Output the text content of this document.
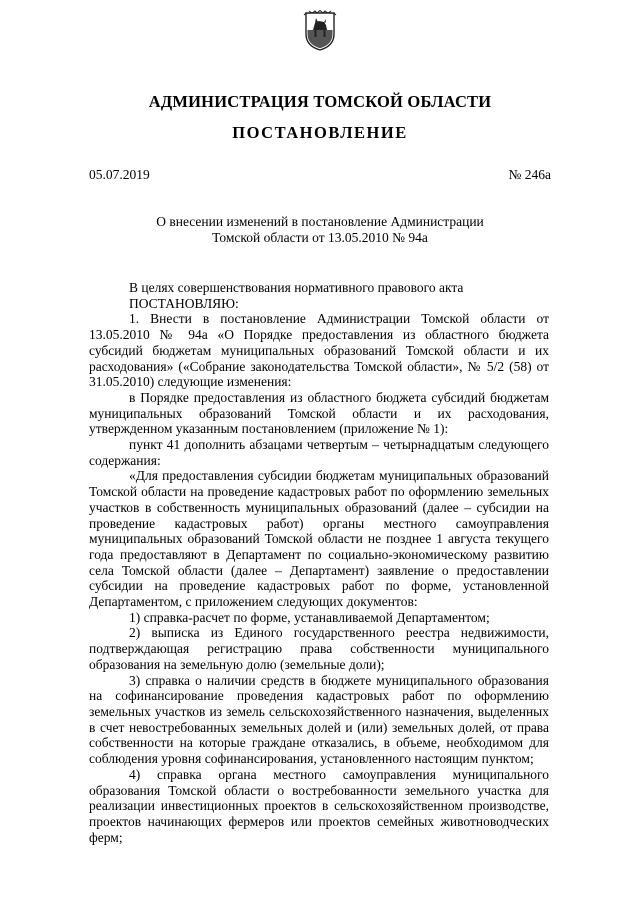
АДМИНИСТРАЦИЯ ТОМСКОЙ ОБЛАСТИ
ПОСТАНОВЛЕНИЕ
05.07.2019	№ 246а
О внесении изменений в постановление Администрации
Томской области от 13.05.2010 № 94а

В целях совершенствования нормативного правового акта

ПОСТАНОВЛЯЮ:

1. Внести в постановление Администрации Томской области от 13.05.2010 № 94а «О Порядке предоставления из областного бюджета субсидий бюджетам муниципальных образований Томской области и их расходования» («Собрание законодательства Томской области», № 5/2 (58) от 31.05.2010) следующие изменения:

в Порядке предоставления из областного бюджета субсидий бюджетам муниципальных образований Томской области и их расходования, утвержденном указанным постановлением (приложение № 1):

пункт 41 дополнить абзацами четвертым – четырнадцатым следующего содержания:

«Для предоставления субсидии бюджетам муниципальных образований Томской области на проведение кадастровых работ по оформлению земельных участков в собственность муниципальных образований (далее – субсидии на проведение кадастровых работ) органы местного самоуправления муниципальных образований Томской области не позднее 1 августа текущего года предоставляют в Департамент по социально-экономическому развитию села Томской области (далее – Департамент) заявление о предоставлении субсидии на проведение кадастровых работ по форме, установленной Департаментом, с приложением следующих документов:

1) справка-расчет по форме, устанавливаемой Департаментом;

2) выписка из Единого государственного реестра недвижимости, подтверждающая регистрацию права собственности муниципального образования на земельную долю (земельные доли);

3) справка о наличии средств в бюджете муниципального образования на софинансирование проведения кадастровых работ по оформлению земельных участков из земель сельскохозяйственного назначения, выделенных в счет невостребованных земельных долей и (или) земельных долей, от права собственности на которые граждане отказались, в объеме, необходимом для соблюдения уровня софинансирования, установленного настоящим пунктом;

4) справка органа местного самоуправления муниципального образования Томской области о востребованности земельного участка для реализации инвестиционных проектов в сельскохозяйственном производстве, проектов начинающих фермеров или проектов семейных животноводческих ферм;
